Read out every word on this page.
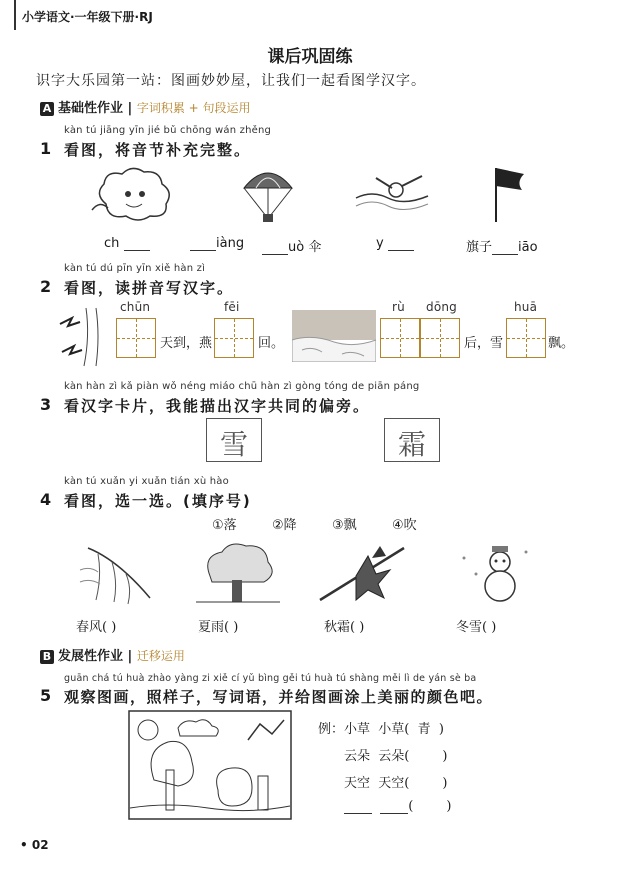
小学语文·一年级下册·RJ
课后巩固练
识字大乐园第一站：图画妙妙屋，让我们一起看图学汉字。
A 基础性作业 | 字词积累 + 句段运用
kàn tú jiāng yīn jié bǔ chōng wán zhěng
1 看图，将音节补充完整。
ch	iàng	uò 伞	y	旗子 iāo
kàn tú dú pīn yīn xiě hàn zì
2 看图，读拼音写汉字。
chūn
天到，燕
fēi
回。
rù dōng
后，雪
huā
飘。
kàn hàn zì kǎ piàn wǒ néng miáo chū hàn zì gòng tóng de piān páng
3 看汉字卡片，我能描出汉字共同的偏旁。
雪	霜
kàn tú xuǎn yi xuǎn tián xù hào
4 看图，选一选。(填序号)
①落	②降	③飘	④吹
春风( )	夏雨( )	秋霜( )	冬雪( )
B 发展性作业 | 迁移运用
guān chá tú huà zhào yàng zi xiě cí yǔ bìng gěi tú huà tú shàng měi lì de yán sè ba
5 观察图画，照样子，写词语，并给图画涂上美丽的颜色吧。
例：小草 小草(  青  )
云朵 云朵(        )
天空 天空(        )
(        )
• 02
